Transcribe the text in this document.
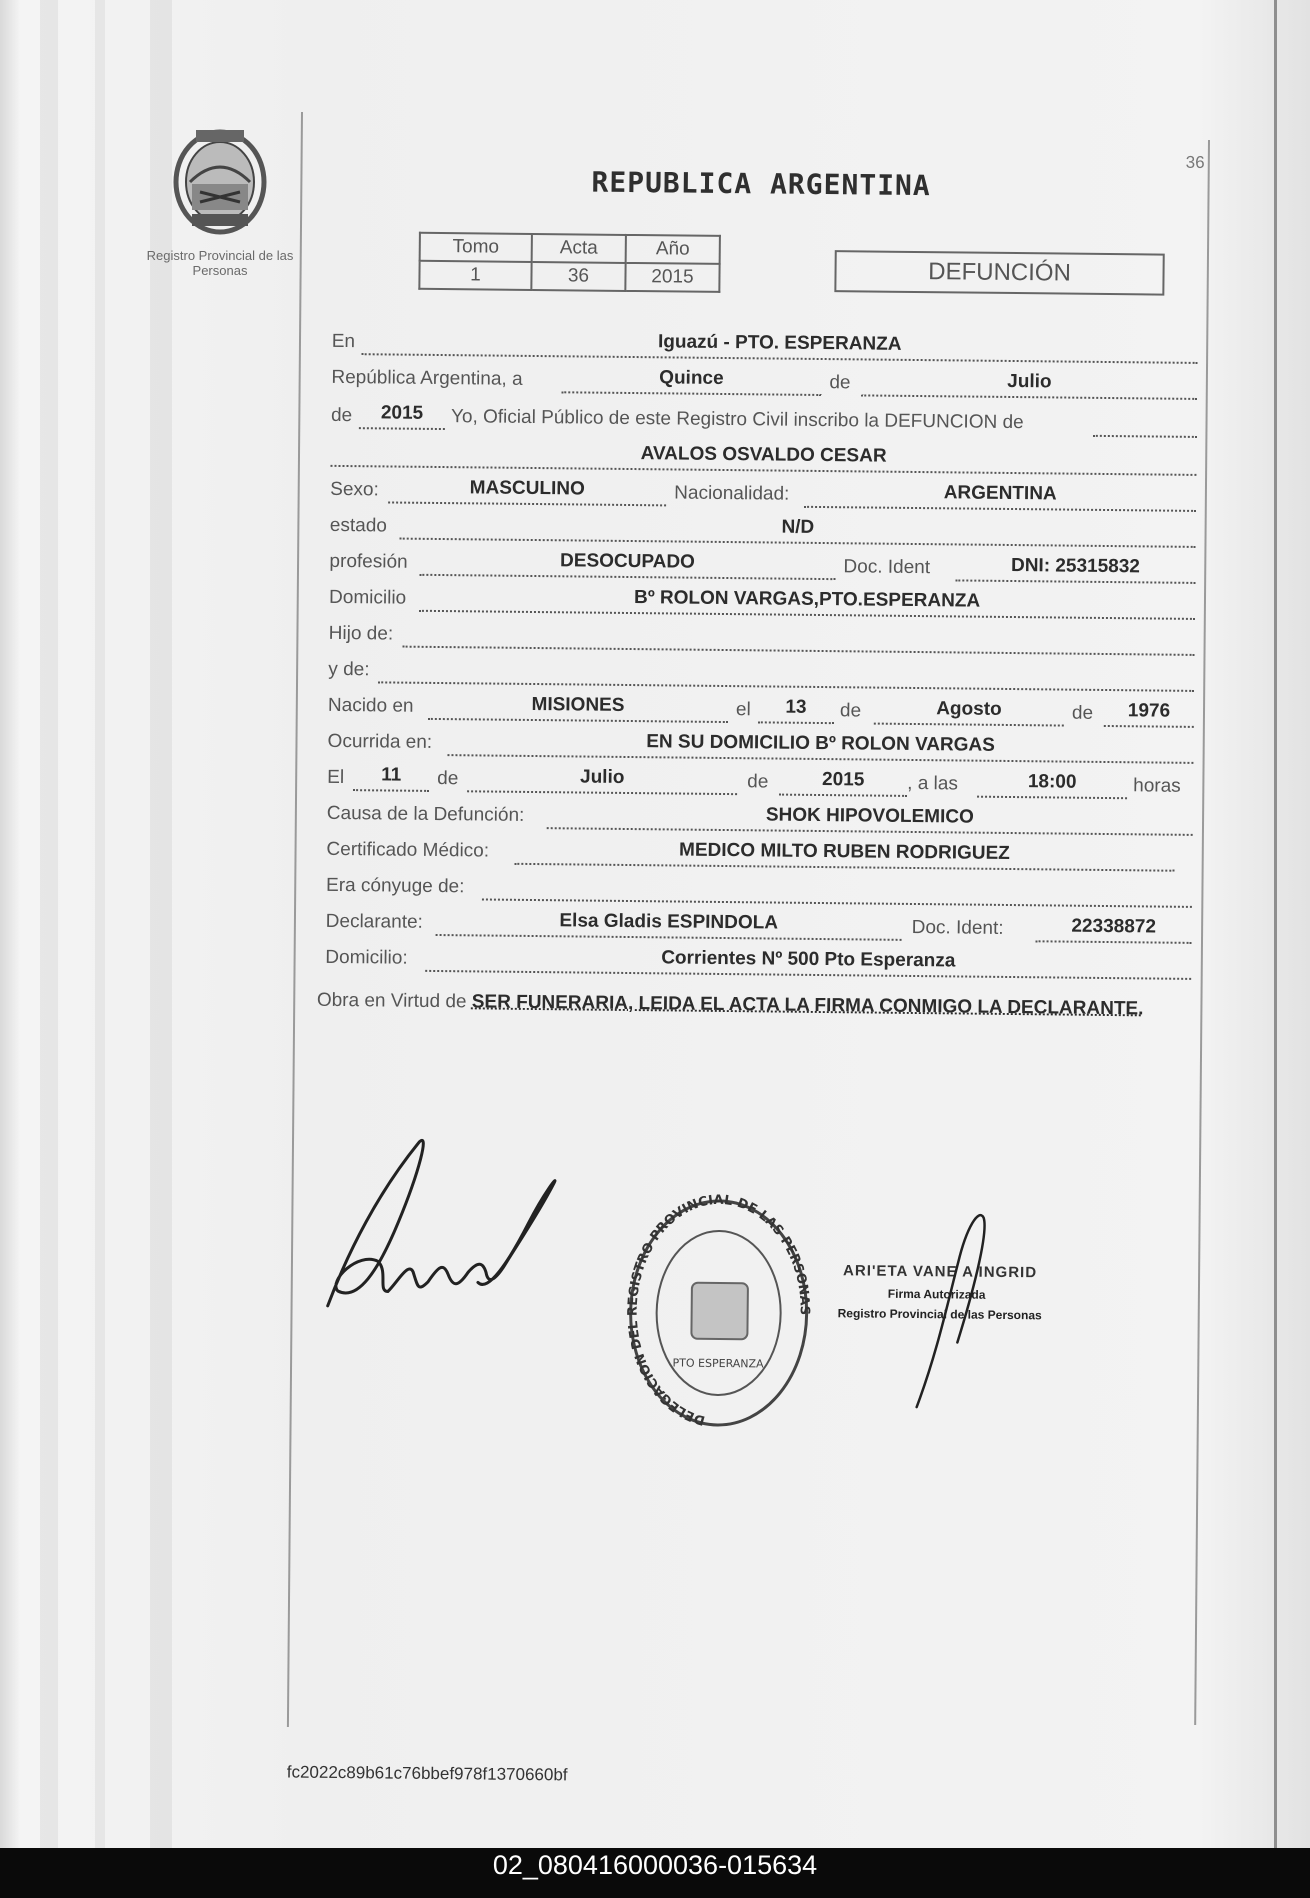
Registro Provincial de las Personas
36
REPUBLICA ARGENTINA
Tomo	Acta	Año
1	36	2015	DEFUNCIÓN
En	Iguazú - PTO. ESPERANZA
República Argentina, a	Quince	de	Julio
de	2015	Yo, Oficial Público de este Registro Civil inscribo la DEFUNCION de
AVALOS OSVALDO CESAR
Sexo:	MASCULINO	Nacionalidad:	ARGENTINA
estado	N/D
profesión	DESOCUPADO	Doc. Ident	DNI: 25315832
Domicilio	Bº ROLON VARGAS,PTO.ESPERANZA
Hijo de:
y de:
Nacido en	MISIONES	el	13	de	Agosto	de	1976
Ocurrida en:	EN SU DOMICILIO Bº ROLON VARGAS
El	11	de	Julio	de	2015	, a las	18:00	horas
Causa de la Defunción:	SHOK HIPOVOLEMICO
Certificado Médico:	MEDICO MILTO RUBEN RODRIGUEZ
Era cónyuge de:
Declarante:	Elsa Gladis ESPINDOLA	Doc. Ident:	22338872
Domicilio:	Corrientes Nº 500 Pto Esperanza
Obra en Virtud de SER FUNERARIA, LEIDA EL ACTA LA FIRMA CONMIGO LA DECLARANTE.
DELEGACION DEL REGISTRO PROVINCIAL DE LAS PERSONAS
PTO ESPERANZA
ARI'ETA VANE A INGRID
Firma Autorizada
Registro Provincial de las Personas
fc2022c89b61c76bbef978f1370660bf
02_080416000036-015634
